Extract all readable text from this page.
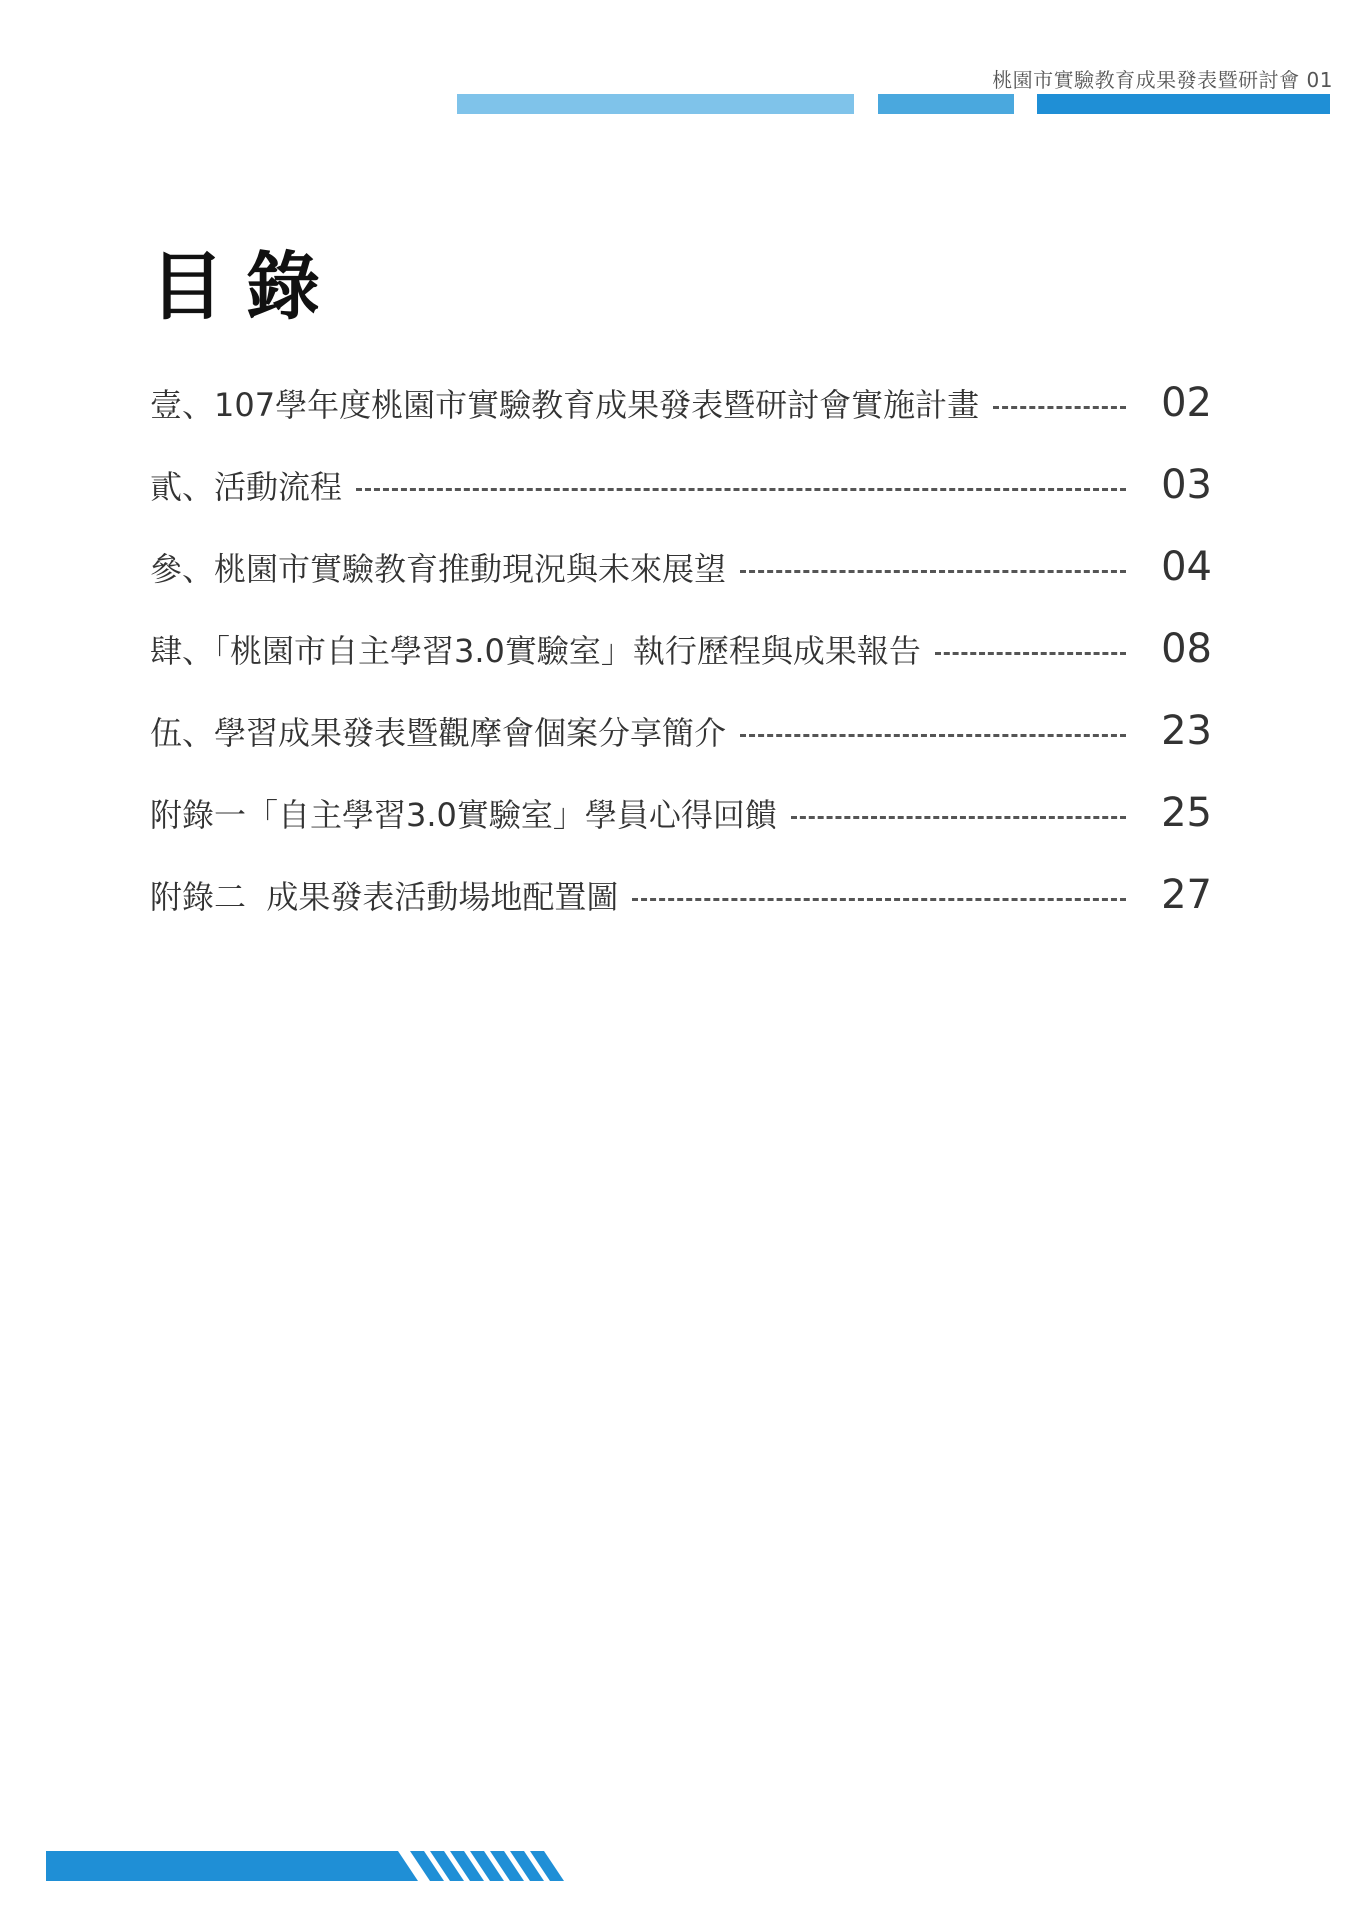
桃園市實驗教育成果發表暨研討會 01
目錄
壹、107學年度桃園市實驗教育成果發表暨研討會實施計畫	02
貳、活動流程	03
參、桃園市實驗教育推動現況與未來展望	04
肆、「桃園市自主學習3.0實驗室」執行歷程與成果報告	08
伍、學習成果發表暨觀摩會個案分享簡介	23
附錄一「自主學習3.0實驗室」學員心得回饋	25
附錄二  成果發表活動場地配置圖	27
